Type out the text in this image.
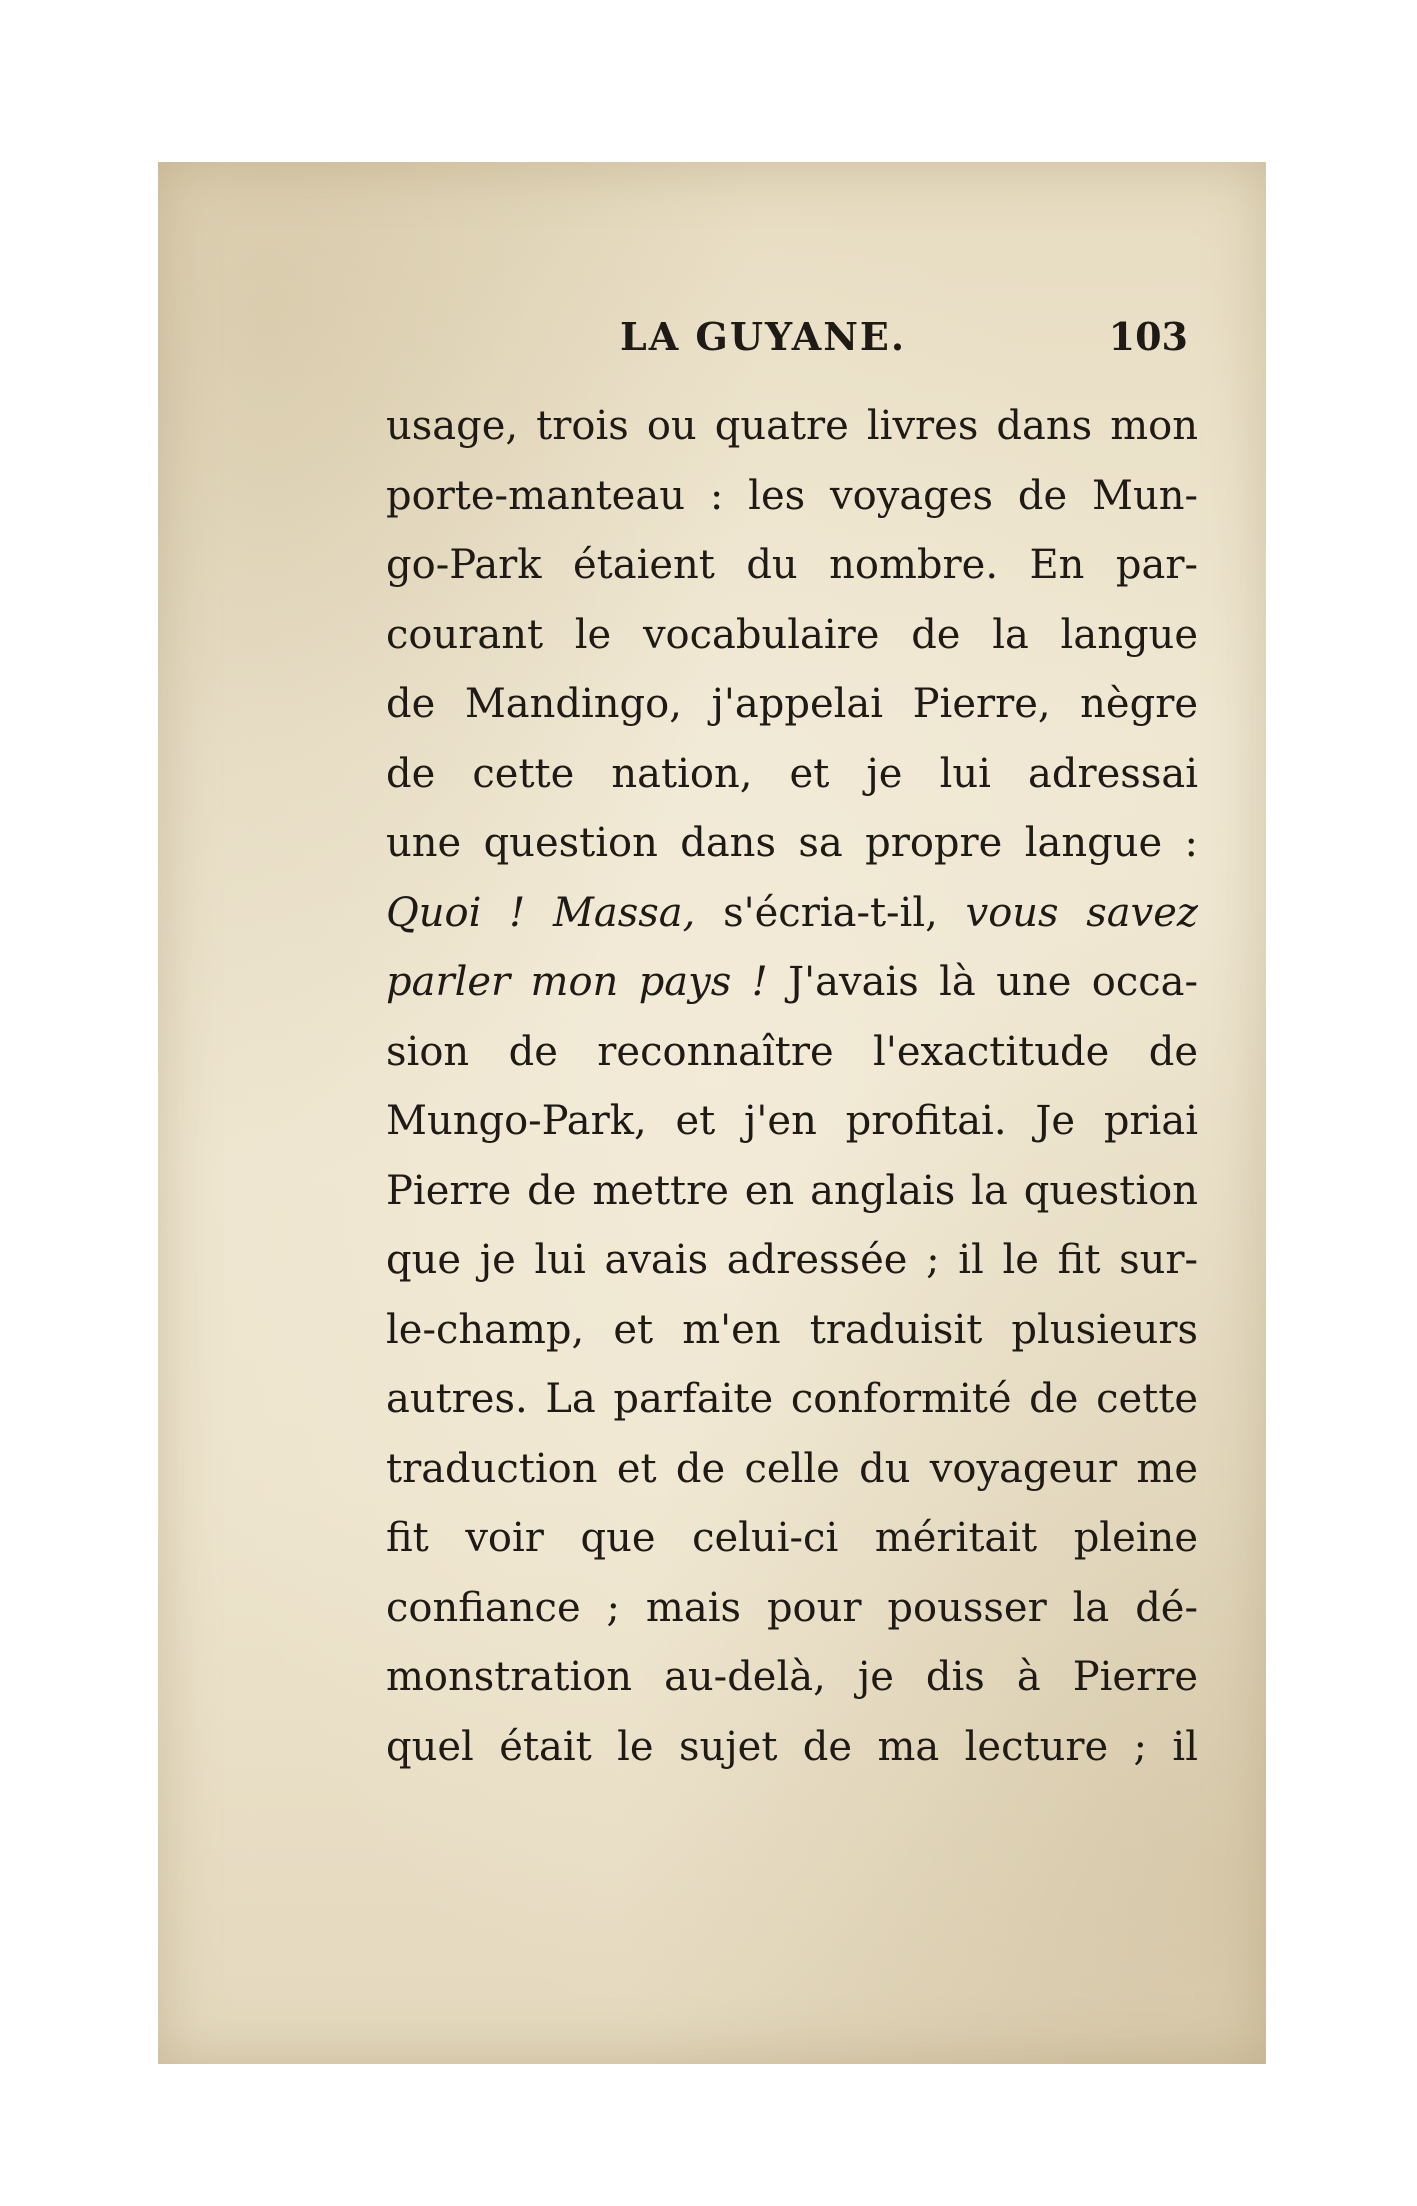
LA GUYANE.	103
usage, trois ou quatre livres dans mon
porte-manteau : les voyages de Mun-
go-Park étaient du nombre. En par-
courant le vocabulaire de la langue
de Mandingo, j'appelai Pierre, nègre
de cette nation, et je lui adressai
une question dans sa propre langue :
Quoi ! Massa, s'écria-t-il, vous savez
parler mon pays ! J'avais là une occa-
sion de reconnaître l'exactitude de
Mungo-Park, et j'en profitai. Je priai
Pierre de mettre en anglais la question
que je lui avais adressée ; il le fit sur-
le-champ, et m'en traduisit plusieurs
autres. La parfaite conformité de cette
traduction et de celle du voyageur me
fit voir que celui-ci méritait pleine
confiance ; mais pour pousser la dé-
monstration au-delà, je dis à Pierre
quel était le sujet de ma lecture ; il
